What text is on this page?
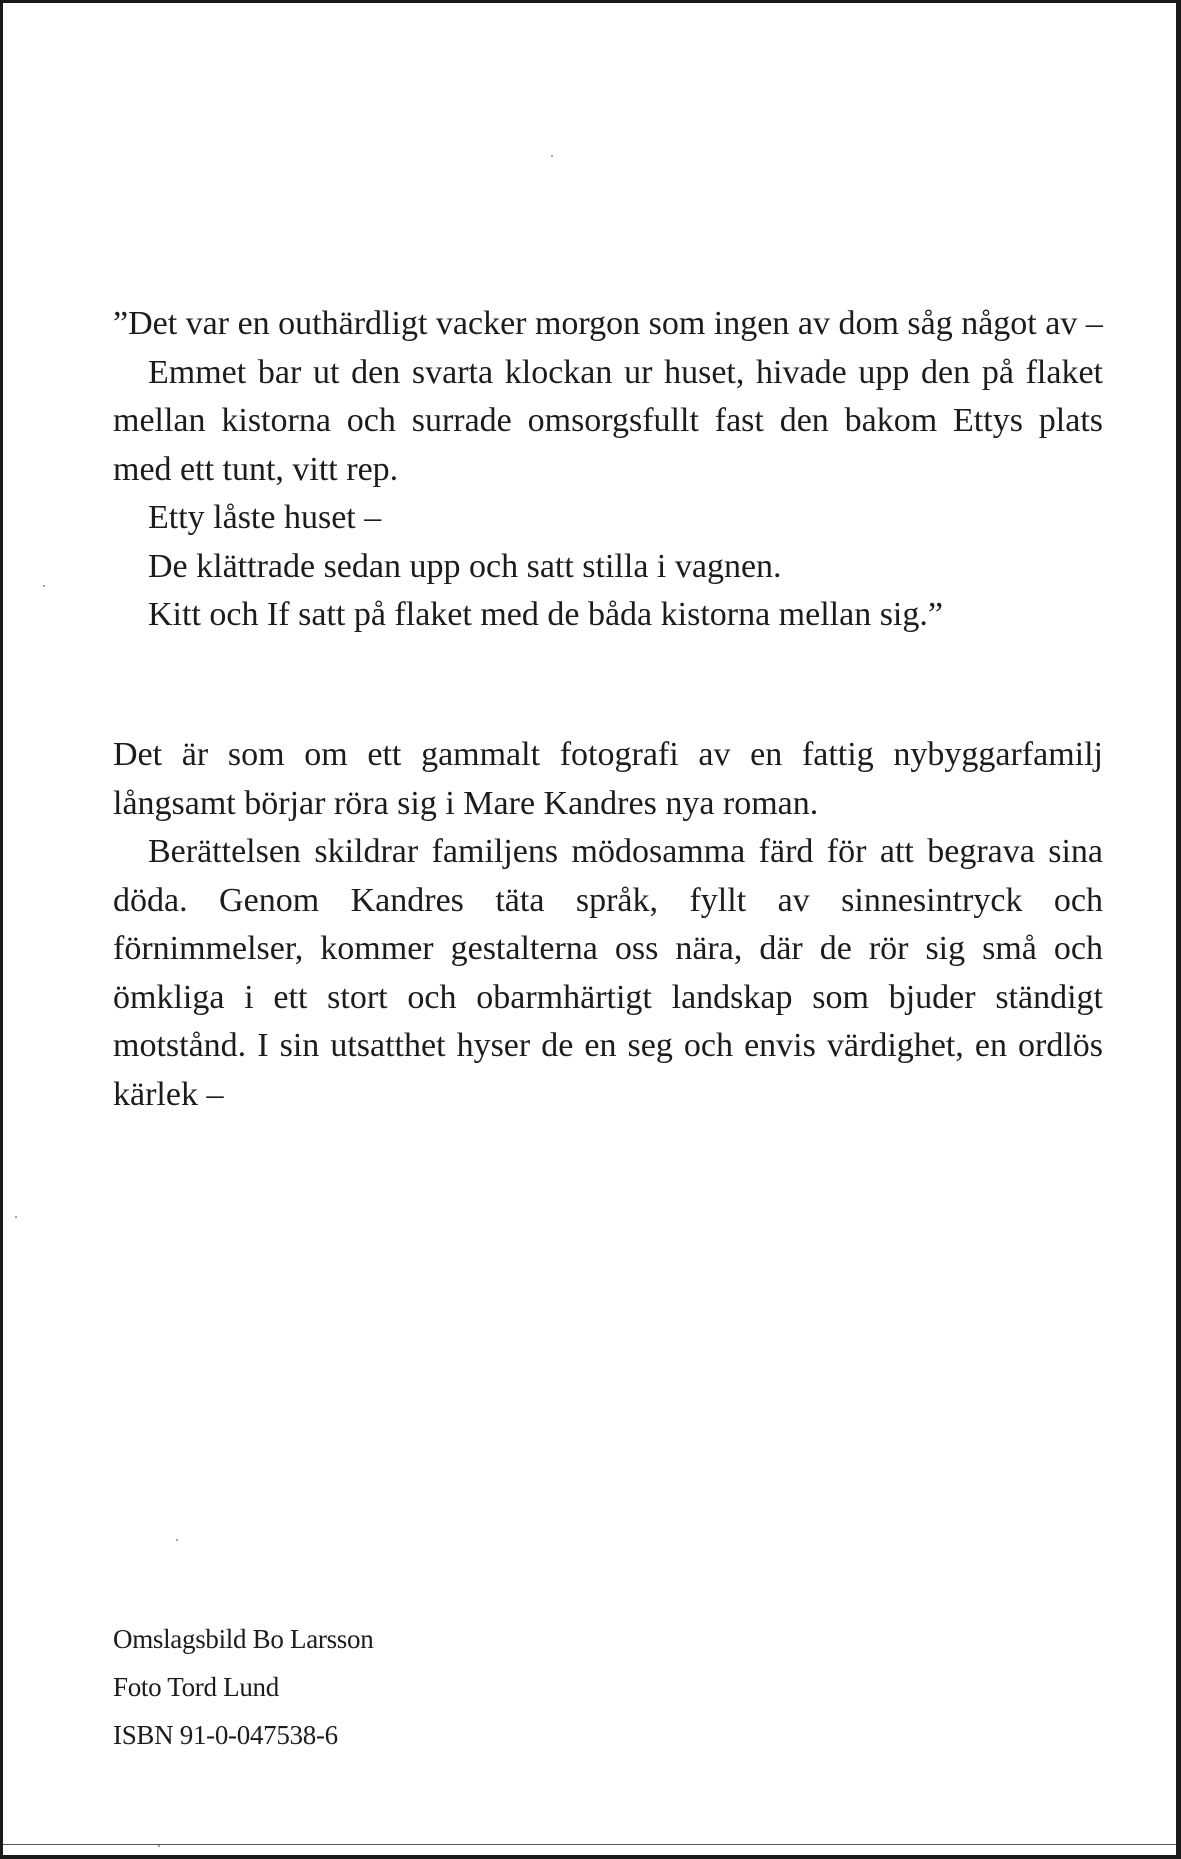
”Det var en outhärdligt vacker morgon som ingen av dom såg något av –

Emmet bar ut den svarta klockan ur huset, hivade upp den på flaket mellan kistorna och surrade omsorgsfullt fast den bakom Ettys plats med ett tunt, vitt rep.

Etty låste huset –

De klättrade sedan upp och satt stilla i vagnen.

Kitt och If satt på flaket med de båda kistorna mellan sig.”

Det är som om ett gammalt fotografi av en fattig nybyggarfamilj långsamt börjar röra sig i Mare Kandres nya roman.

Berättelsen skildrar familjens mödosamma färd för att begrava sina döda. Genom Kandres täta språk, fyllt av sinnesintryck och förnimmelser, kommer gestalterna oss nära, där de rör sig små och ömkliga i ett stort och obarmhärtigt landskap som bjuder ständigt motstånd. I sin utsatthet hyser de en seg och envis värdighet, en ordlös kärlek –

Omslagsbild Bo Larsson
Foto Tord Lund
ISBN 91-0-047538-6
